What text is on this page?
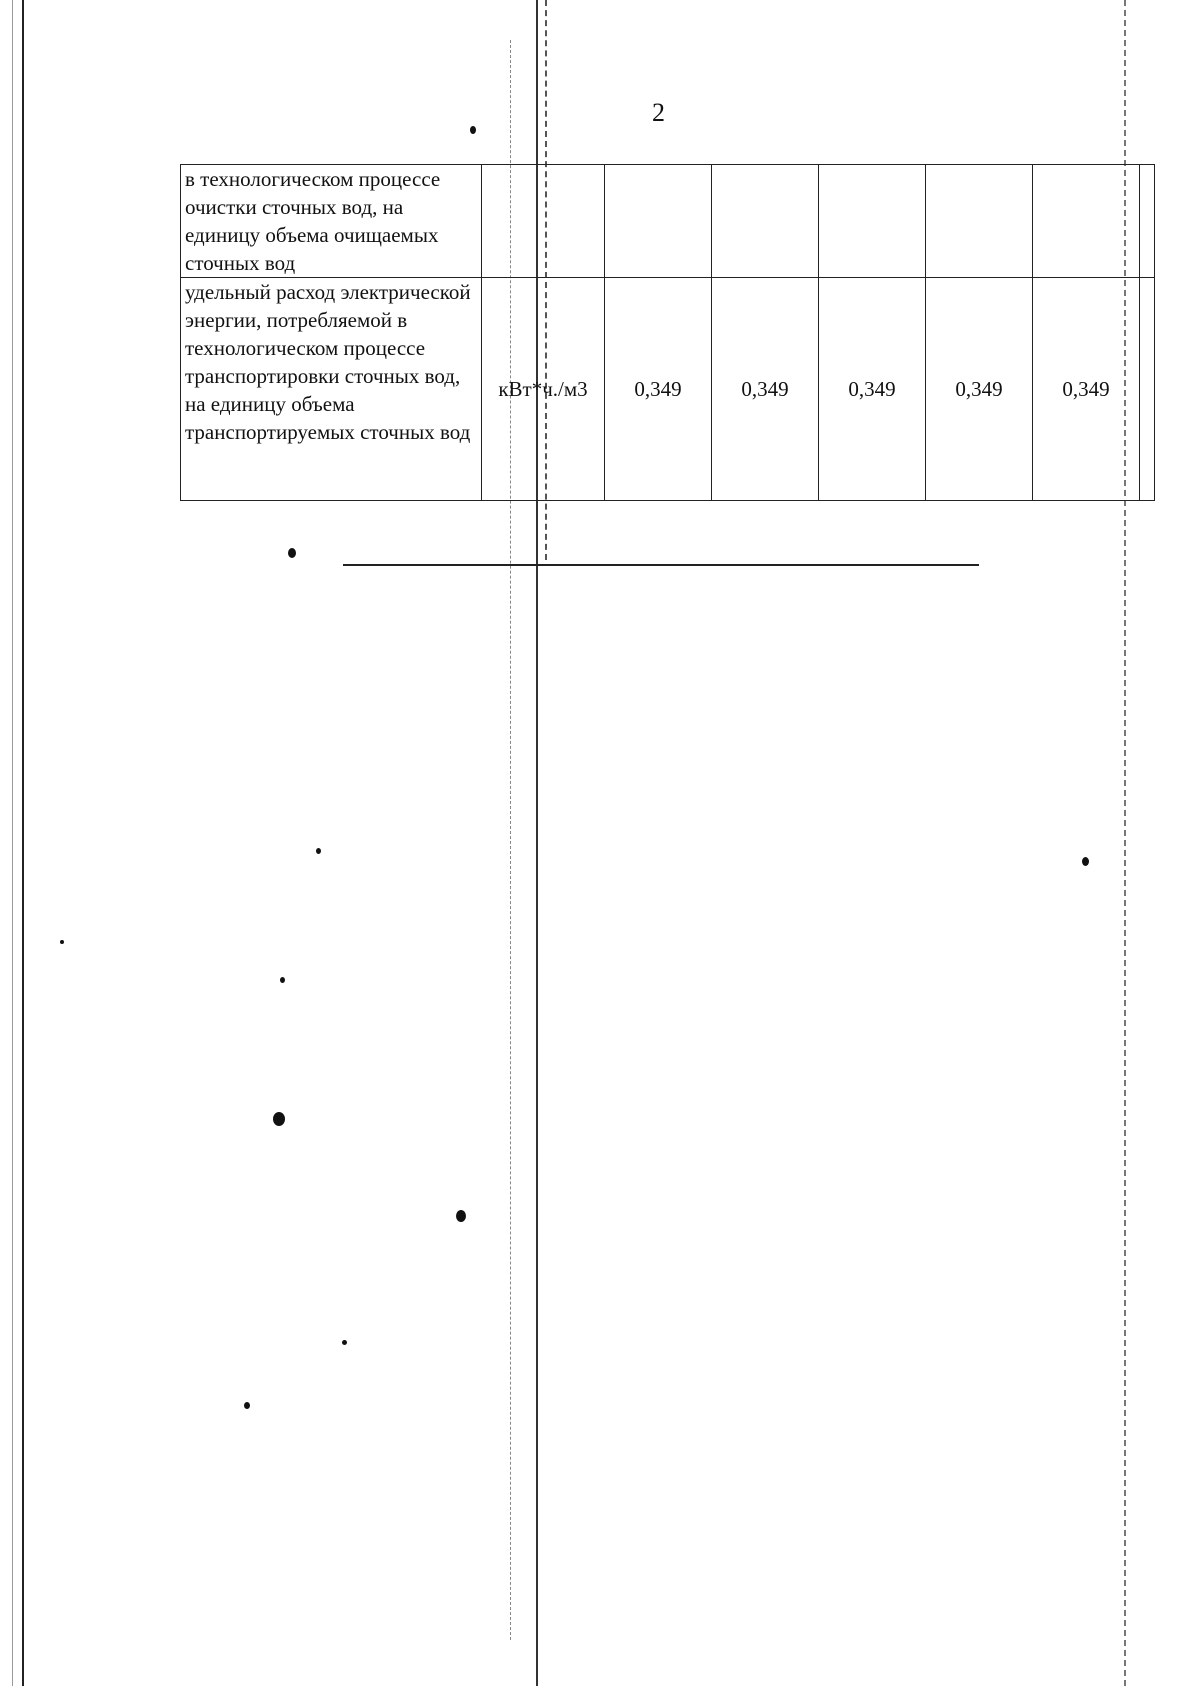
2
в технологическом процессе очистки сточных вод, на единицу объема очищаемых сточных вод							
удельный расход электрической энергии, потребляемой в технологическом процессе транспортировки сточных вод, на единицу объема транспортируемых сточных вод	кВт*ч./м3	0,349	0,349	0,349	0,349	0,349	
